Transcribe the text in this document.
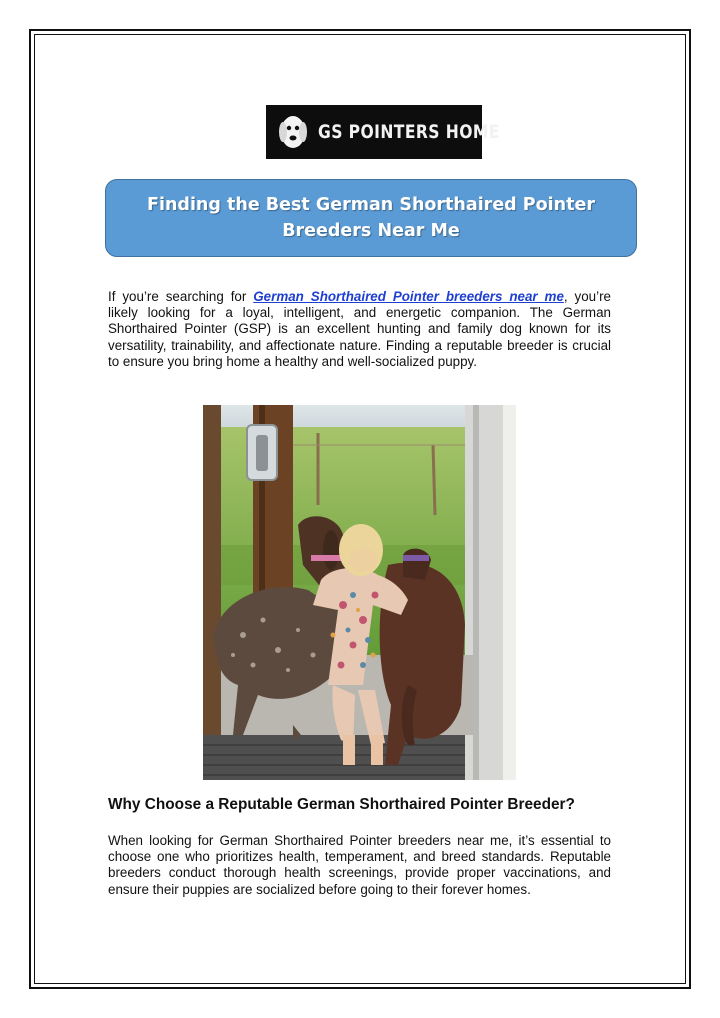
GS POINTERS HOME
Finding the Best German Shorthaired Pointer Breeders Near Me

If you’re searching for German Shorthaired Pointer breeders near me, you’re likely looking for a loyal, intelligent, and energetic companion. The German Shorthaired Pointer (GSP) is an excellent hunting and family dog known for its versatility, trainability, and affectionate nature. Finding a reputable breeder is crucial to ensure you bring home a healthy and well-socialized puppy.

Why Choose a Reputable German Shorthaired Pointer Breeder?

When looking for German Shorthaired Pointer breeders near me, it’s essential to choose one who prioritizes health, temperament, and breed standards. Reputable breeders conduct thorough health screenings, provide proper vaccinations, and ensure their puppies are socialized before going to their forever homes.
